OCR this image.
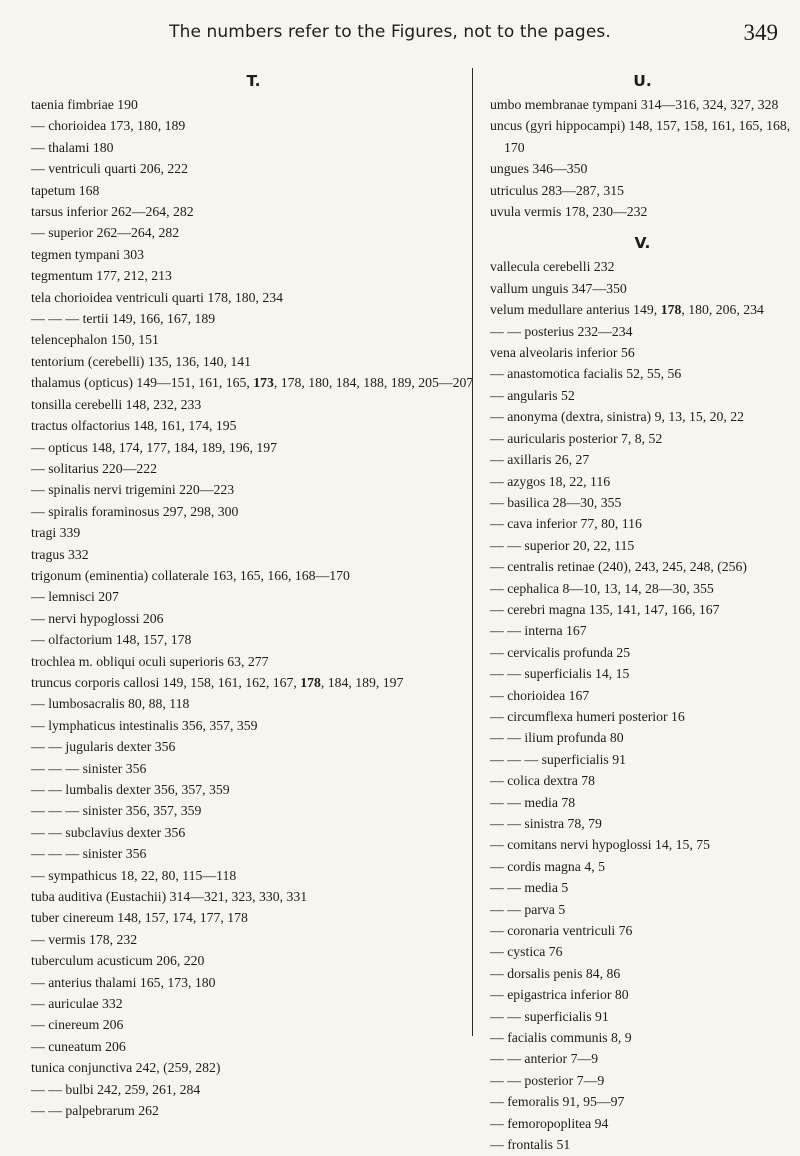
The numbers refer to the Figures, not to the pages.	349
T.
taenia fimbriae 190
— chorioidea 173, 180, 189
— thalami 180
— ventriculi quarti 206, 222
tapetum 168
tarsus inferior 262—264, 282
— superior 262—264, 282
tegmen tympani 303
tegmentum 177, 212, 213
tela chorioidea ventriculi quarti 178, 180, 234
— — — tertii 149, 166, 167, 189
telencephalon 150, 151
tentorium (cerebelli) 135, 136, 140, 141
thalamus (opticus) 149—151, 161, 165, 173, 178, 180, 184, 188, 189, 205—207
tonsilla cerebelli 148, 232, 233
tractus olfactorius 148, 161, 174, 195
— opticus 148, 174, 177, 184, 189, 196, 197
— solitarius 220—222
— spinalis nervi trigemini 220—223
— spiralis foraminosus 297, 298, 300
tragi 339
tragus 332
trigonum (eminentia) collaterale 163, 165, 166, 168—170
— lemnisci 207
— nervi hypoglossi 206
— olfactorium 148, 157, 178
trochlea m. obliqui oculi superioris 63, 277
truncus corporis callosi 149, 158, 161, 162, 167, 178, 184, 189, 197
— lumbosacralis 80, 88, 118
— lymphaticus intestinalis 356, 357, 359
— — jugularis dexter 356
— — — sinister 356
— — lumbalis dexter 356, 357, 359
— — — sinister 356, 357, 359
— — subclavius dexter 356
— — — sinister 356
— sympathicus 18, 22, 80, 115—118
tuba auditiva (Eustachii) 314—321, 323, 330, 331
tuber cinereum 148, 157, 174, 177, 178
— vermis 178, 232
tuberculum acusticum 206, 220
— anterius thalami 165, 173, 180
— auriculae 332
— cinereum 206
— cuneatum 206
tunica conjunctiva 242, (259, 282)
— — bulbi 242, 259, 261, 284
— — palpebrarum 262
U.
umbo membranae tympani 314—316, 324, 327, 328
uncus (gyri hippocampi) 148, 157, 158, 161, 165, 168, 170
ungues 346—350
utriculus 283—287, 315
uvula vermis 178, 230—232
V.
vallecula cerebelli 232
vallum unguis 347—350
velum medullare anterius 149, 178, 180, 206, 234
— — posterius 232—234
vena alveolaris inferior 56
— anastomotica facialis 52, 55, 56
— angularis 52
— anonyma (dextra, sinistra) 9, 13, 15, 20, 22
— auricularis posterior 7, 8, 52
— axillaris 26, 27
— azygos 18, 22, 116
— basilica 28—30, 355
— cava inferior 77, 80, 116
— — superior 20, 22, 115
— centralis retinae (240), 243, 245, 248, (256)
— cephalica 8—10, 13, 14, 28—30, 355
— cerebri magna 135, 141, 147, 166, 167
— — interna 167
— cervicalis profunda 25
— — superficialis 14, 15
— chorioidea 167
— circumflexa humeri posterior 16
— — ilium profunda 80
— — — superficialis 91
— colica dextra 78
— — media 78
— — sinistra 78, 79
— comitans nervi hypoglossi 14, 15, 75
— cordis magna 4, 5
— — media 5
— — parva 5
— coronaria ventriculi 76
— cystica 76
— dorsalis penis 84, 86
— epigastrica inferior 80
— — superficialis 91
— facialis communis 8, 9
— — anterior 7—9
— — posterior 7—9
— femoralis 91, 95—97
— femoropoplitea 94
— frontalis 51
